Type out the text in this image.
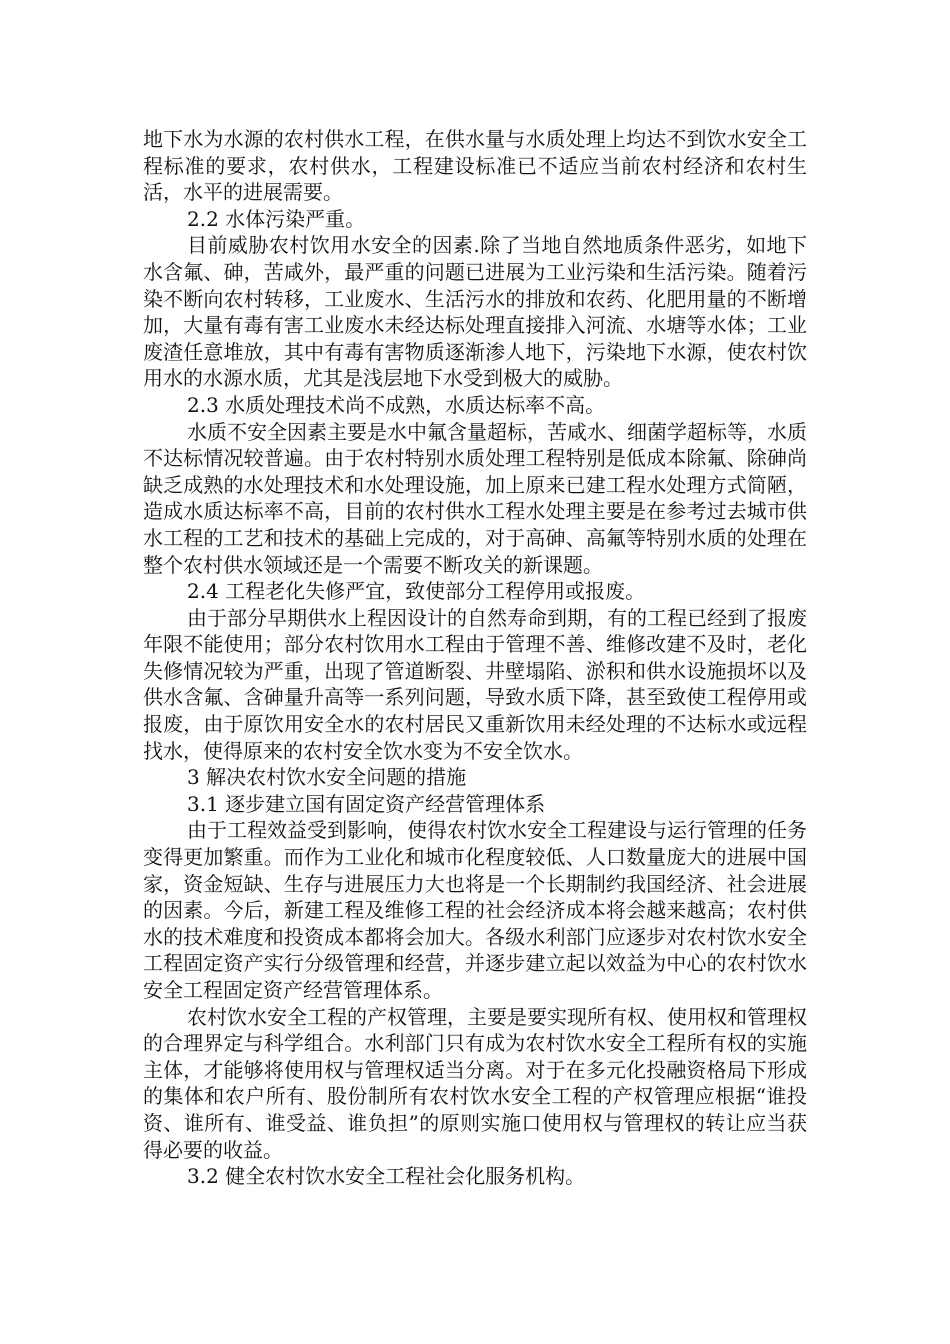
地下水为水源的农村供水工程，在供水量与水质处理上均达不到饮水安全工程标准的要求，农村供水，工程建设标准已不适应当前农村经济和农村生活，水平的进展需要。

2.2 水体污染严重。

目前威胁农村饮用水安全的因素.除了当地自然地质条件恶劣，如地下水含氟、砷，苦咸外，最严重的问题已进展为工业污染和生活污染。随着污染不断向农村转移，工业废水、生活污水的排放和农药、化肥用量的不断增加，大量有毒有害工业废水未经达标处理直接排入河流、水塘等水体；工业废渣任意堆放，其中有毒有害物质逐渐渗人地下，污染地下水源，使农村饮用水的水源水质，尤其是浅层地下水受到极大的威胁。

2.3 水质处理技术尚不成熟，水质达标率不高。

水质不安全因素主要是水中氟含量超标，苦咸水、细菌学超标等，水质不达标情况较普遍。由于农村特别水质处理工程特别是低成本除氟、除砷尚缺乏成熟的水处理技术和水处理设施，加上原来已建工程水处理方式简陋，造成水质达标率不高，目前的农村供水工程水处理主要是在参考过去城市供水工程的工艺和技术的基础上完成的，对于高砷、高氟等特别水质的处理在整个农村供水领域还是一个需要不断攻关的新课题。

2.4 工程老化失修严宜，致使部分工程停用或报废。

由于部分早期供水上程因设计的自然寿命到期，有的工程已经到了报废年限不能使用；部分农村饮用水工程由于管理不善、维修改建不及时，老化失修情况较为严重，出现了管道断裂、井壁塌陷、淤积和供水设施损坏以及供水含氟、含砷量升高等一系列问题，导致水质下降，甚至致使工程停用或报废，由于原饮用安全水的农村居民又重新饮用未经处理的不达标水或远程找水，使得原来的农村安全饮水变为不安全饮水。

3 解决农村饮水安全问题的措施

3.1 逐步建立国有固定资产经营管理体系

由于工程效益受到影响，使得农村饮水安全工程建设与运行管理的任务变得更加繁重。而作为工业化和城市化程度较低、人口数量庞大的进展中国家，资金短缺、生存与进展压力大也将是一个长期制约我国经济、社会进展的因素。今后，新建工程及维修工程的社会经济成本将会越来越高；农村供水的技术难度和投资成本都将会加大。各级水利部门应逐步对农村饮水安全工程固定资产实行分级管理和经营，并逐步建立起以效益为中心的农村饮水安全工程固定资产经营管理体系。

农村饮水安全工程的产权管理，主要是要实现所有权、使用权和管理权的合理界定与科学组合。水利部门只有成为农村饮水安全工程所有权的实施主体，才能够将使用权与管理权适当分离。对于在多元化投融资格局下形成的集体和农户所有、股份制所有农村饮水安全工程的产权管理应根据“谁投资、谁所有、谁受益、谁负担”的原则实施口使用权与管理权的转让应当获得必要的收益。

3.2 健全农村饮水安全工程社会化服务机构。
